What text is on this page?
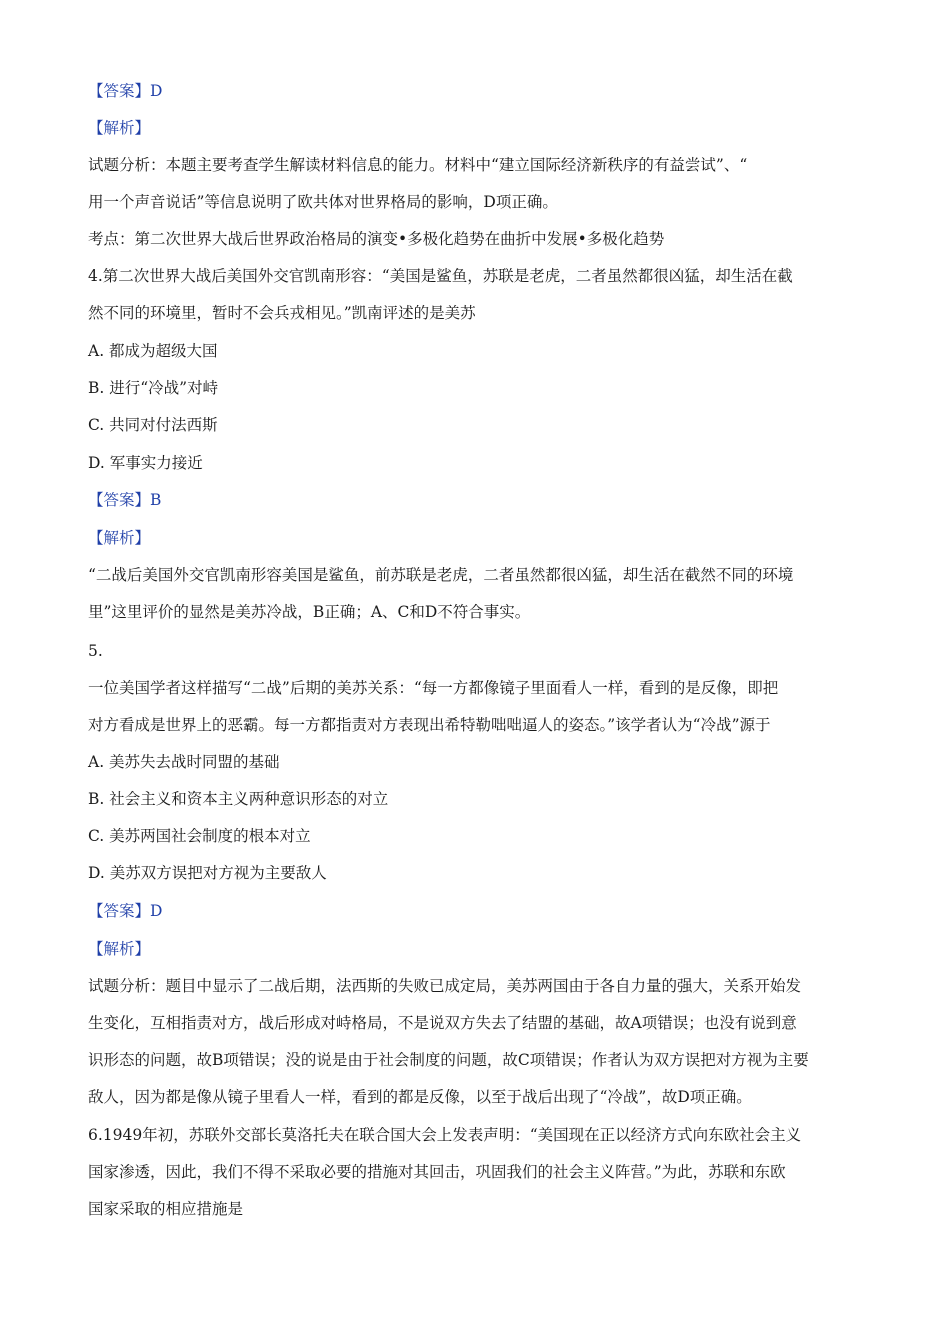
【答案】D
【解析】
试题分析：本题主要考查学生解读材料信息的能力。材料中“建立国际经济新秩序的有益尝试”、“
用一个声音说话”等信息说明了欧共体对世界格局的影响，D项正确。
考点：第二次世界大战后世界政治格局的演变•多极化趋势在曲折中发展•多极化趋势
4.第二次世界大战后美国外交官凯南形容：“美国是鲨鱼，苏联是老虎，二者虽然都很凶猛，却生活在截
然不同的环境里，暂时不会兵戎相见。”凯南评述的是美苏
A. 都成为超级大国
B. 进行“冷战”对峙
C. 共同对付法西斯
D. 军事实力接近
【答案】B
【解析】
“二战后美国外交官凯南形容美国是鲨鱼，前苏联是老虎，二者虽然都很凶猛，却生活在截然不同的环境
里”这里评价的显然是美苏冷战，B正确；A、C和D不符合事实。
5.
一位美国学者这样描写“二战”后期的美苏关系：“每一方都像镜子里面看人一样，看到的是反像，即把
对方看成是世界上的恶霸。每一方都指责对方表现出希特勒咄咄逼人的姿态。”该学者认为“冷战”源于
A. 美苏失去战时同盟的基础
B. 社会主义和资本主义两种意识形态的对立
C. 美苏两国社会制度的根本对立
D. 美苏双方误把对方视为主要敌人
【答案】D
【解析】
试题分析：题目中显示了二战后期，法西斯的失败已成定局，美苏两国由于各自力量的强大，关系开始发
生变化，互相指责对方，战后形成对峙格局，不是说双方失去了结盟的基础，故A项错误；也没有说到意
识形态的问题，故B项错误；没的说是由于社会制度的问题，故C项错误；作者认为双方误把对方视为主要
敌人，因为都是像从镜子里看人一样，看到的都是反像，以至于战后出现了“冷战”，故D项正确。
6.1949年初，苏联外交部长莫洛托夫在联合国大会上发表声明：“美国现在正以经济方式向东欧社会主义
国家渗透，因此，我们不得不采取必要的措施对其回击，巩固我们的社会主义阵营。”为此，苏联和东欧
国家采取的相应措施是
